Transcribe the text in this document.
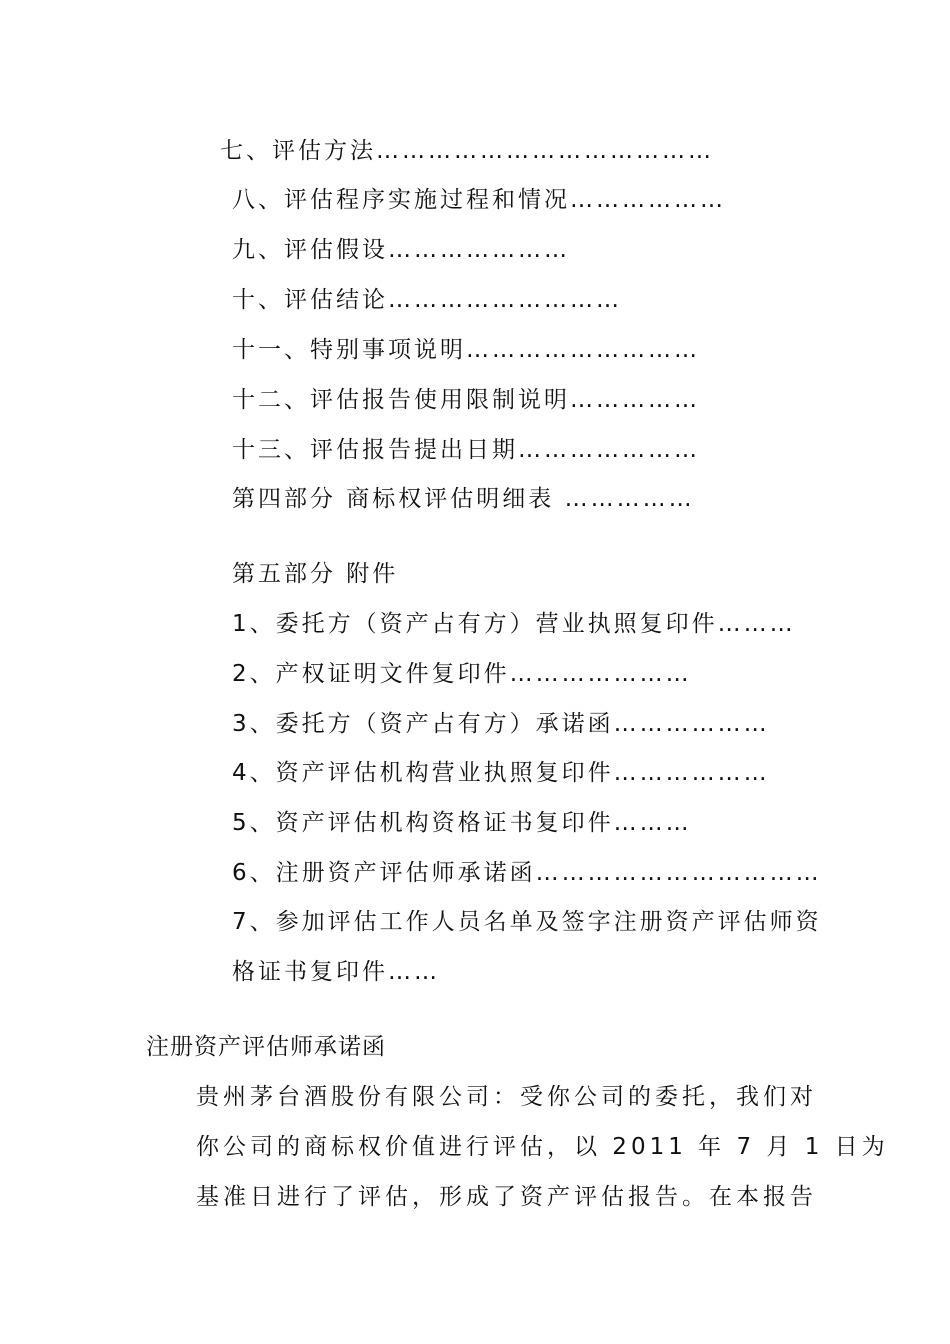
七、评估方法…………………………………
八、评估程序实施过程和情况………………
九、评估假设…………………
十、评估结论………………………
十一、特别事项说明………………………
十二、评估报告使用限制说明……………
十三、评估报告提出日期…………………
第四部分 商标权评估明细表 ……………
第五部分 附件
1、委托方（资产占有方）营业执照复印件………
2、产权证明文件复印件…………………
3、委托方（资产占有方）承诺函………………
4、资产评估机构营业执照复印件………………
5、资产评估机构资格证书复印件………
6、注册资产评估师承诺函……………………………
7、参加评估工作人员名单及签字注册资产评估师资
格证书复印件……
注册资产评估师承诺函
贵州茅台酒股份有限公司：受你公司的委托，我们对
你公司的商标权价值进行评估，以 2011 年 7 月 1 日为
基准日进行了评估，形成了资产评估报告。在本报告
